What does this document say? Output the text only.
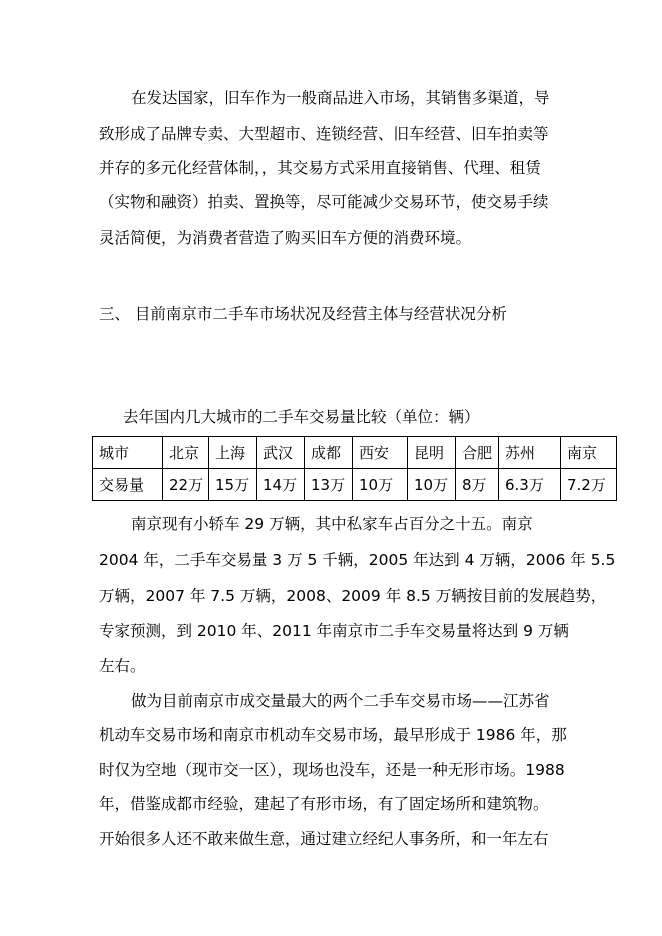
在发达国家，旧车作为一般商品进入市场，其销售多渠道，导
致形成了品牌专卖、大型超市、连锁经营、旧车经营、旧车拍卖等
并存的多元化经营体制，，其交易方式采用直接销售、代理、租赁
（实物和融资）拍卖、置换等，尽可能减少交易环节，使交易手续
灵活简便，为消费者营造了购买旧车方便的消费环境。
三、 目前南京市二手车市场状况及经营主体与经营状况分析
去年国内几大城市的二手车交易量比较（单位：辆）
城市	北京	上海	武汉	成都	西安	昆明	合肥	苏州	南京
交易量	22万	15万	14万	13万	10万	10万	8万	6.3万	7.2万
南京现有小轿车 29 万辆，其中私家车占百分之十五。南京
2004 年，二手车交易量 3 万 5 千辆，2005 年达到 4 万辆，2006 年 5.5
万辆，2007 年 7.5 万辆，2008、2009 年 8.5 万辆按目前的发展趋势，
专家预测，到 2010 年、2011 年南京市二手车交易量将达到 9 万辆
左右。
做为目前南京市成交量最大的两个二手车交易市场——江苏省
机动车交易市场和南京市机动车交易市场，最早形成于 1986 年，那
时仅为空地（现市交一区），现场也没车，还是一种无形市场。1988
年，借鉴成都市经验，建起了有形市场，有了固定场所和建筑物。
开始很多人还不敢来做生意，通过建立经纪人事务所，和一年左右
